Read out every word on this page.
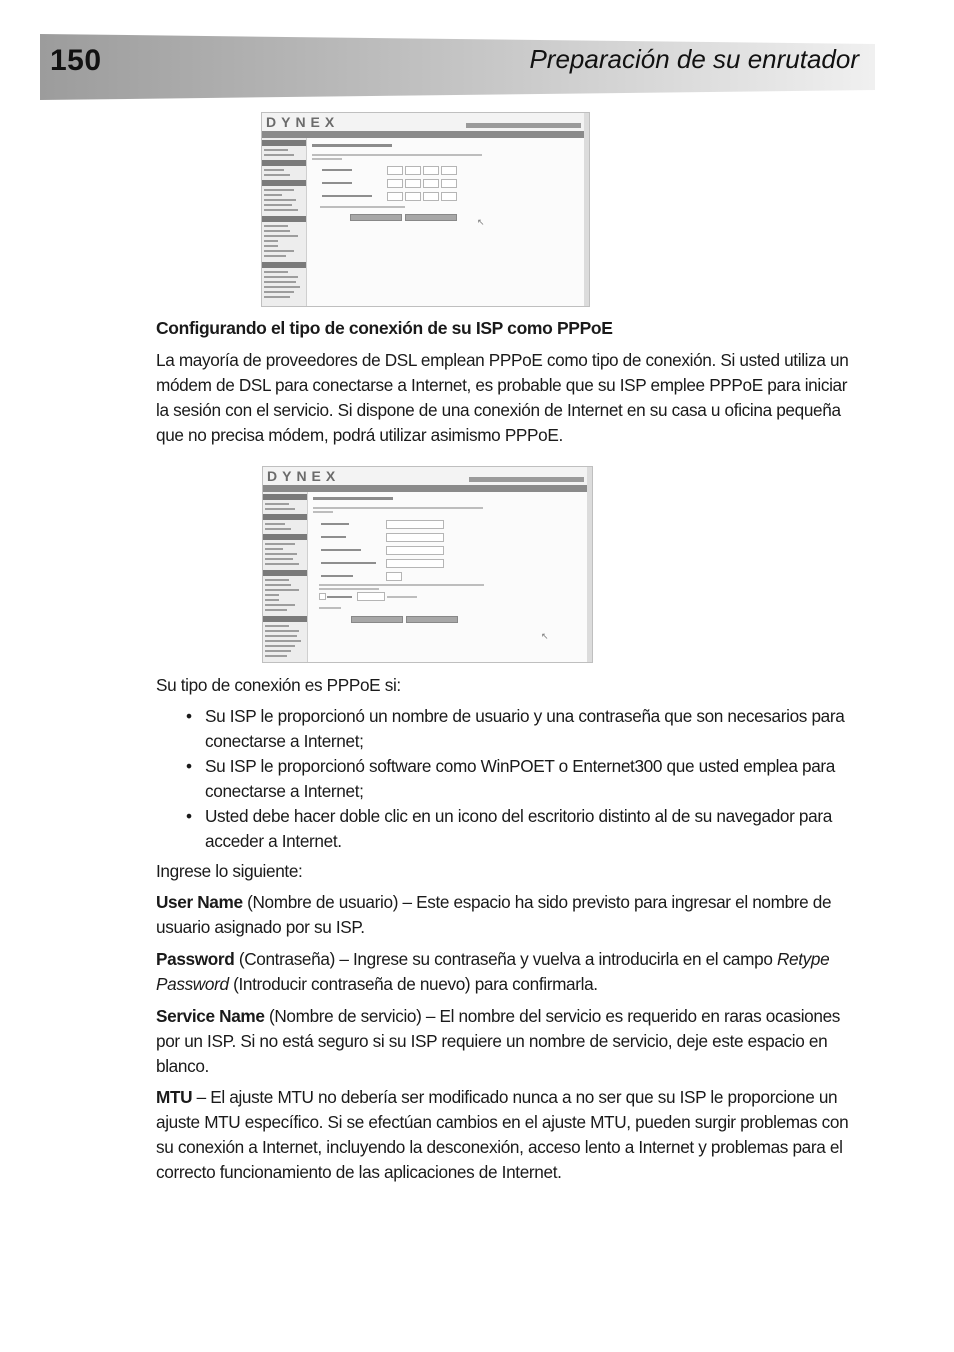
150	Preparación de su enrutador
DYNEX
↖
Configurando el tipo de conexión de su ISP como PPPoE
La mayoría de proveedores de DSL emplean PPPoE como tipo de conexión. Si usted utiliza un módem de DSL para conectarse a Internet, es probable que su ISP emplee PPPoE para iniciar la sesión con el servicio. Si dispone de una conexión de Internet en su casa u oficina pequeña que no precisa módem, podrá utilizar asimismo PPPoE.
DYNEX
↖
Su tipo de conexión es PPPoE si:
• Su ISP le proporcionó un nombre de usuario y una contraseña que son necesarios para conectarse a Internet;
• Su ISP le proporcionó software como WinPOET o Enternet300 que usted emplea para conectarse a Internet;
• Usted debe hacer doble clic en un icono del escritorio distinto al de su navegador para acceder a Internet.
Ingrese lo siguiente:
User Name (Nombre de usuario) – Este espacio ha sido previsto para ingresar el nombre de usuario asignado por su ISP.
Password (Contraseña) – Ingrese su contraseña y vuelva a introducirla en el campo Retype Password (Introducir contraseña de nuevo) para confirmarla.
Service Name (Nombre de servicio) – El nombre del servicio es requerido en raras ocasiones por un ISP. Si no está seguro si su ISP requiere un nombre de servicio, deje este espacio en blanco.
MTU – El ajuste MTU no debería ser modificado nunca a no ser que su ISP le proporcione un ajuste MTU específico. Si se efectúan cambios en el ajuste MTU, pueden surgir problemas con su conexión a Internet, incluyendo la desconexión, acceso lento a Internet y problemas para el correcto funcionamiento de las aplicaciones de Internet.
